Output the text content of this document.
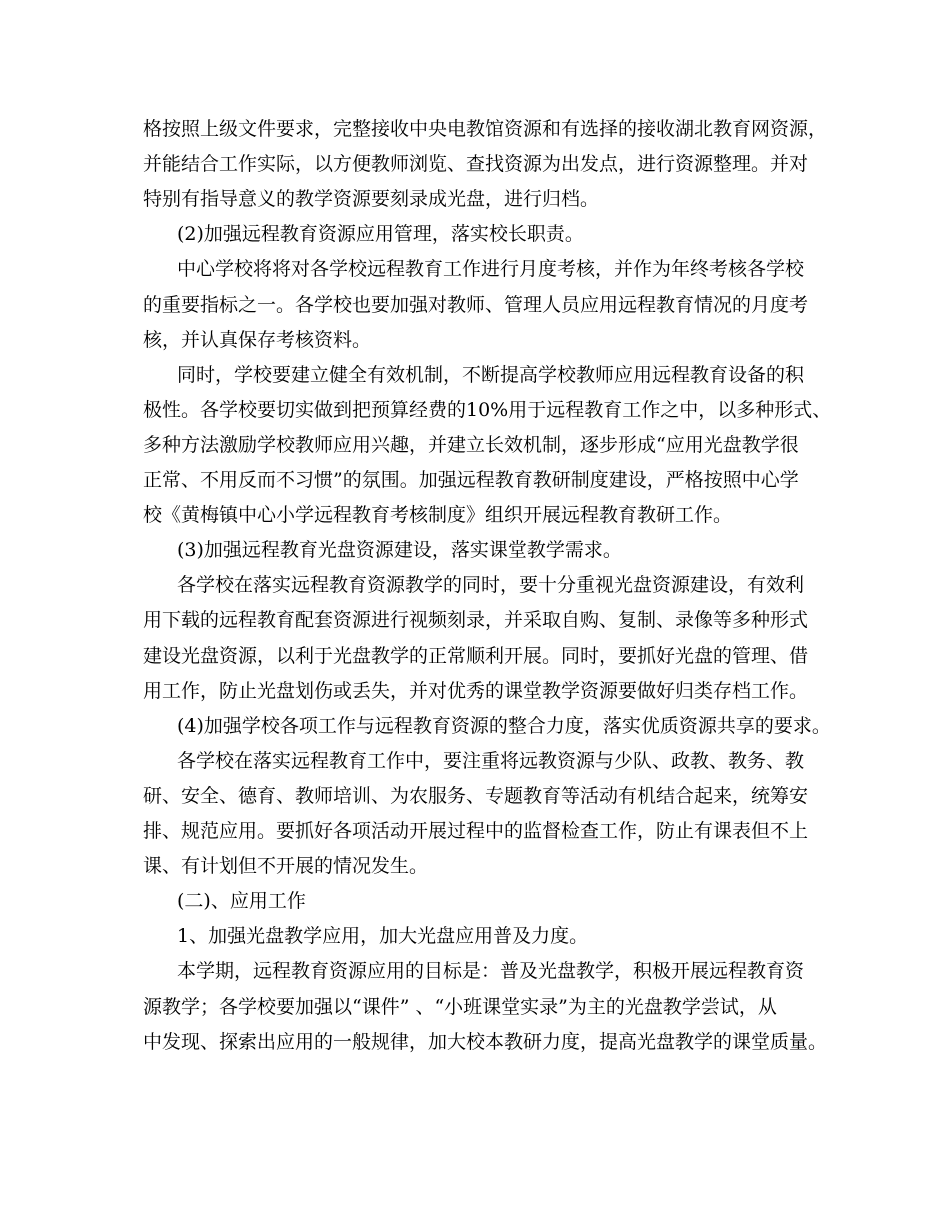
格按照上级文件要求，完整接收中央电教馆资源和有选择的接收湖北教育网资源，
并能结合工作实际，以方便教师浏览、查找资源为出发点，进行资源整理。并对
特别有指导意义的教学资源要刻录成光盘，进行归档。
(2)加强远程教育资源应用管理，落实校长职责。
中心学校将将对各学校远程教育工作进行月度考核，并作为年终考核各学校
的重要指标之一。各学校也要加强对教师、管理人员应用远程教育情况的月度考
核，并认真保存考核资料。
同时，学校要建立健全有效机制，不断提高学校教师应用远程教育设备的积
极性。各学校要切实做到把预算经费的10%用于远程教育工作之中，以多种形式、
多种方法激励学校教师应用兴趣，并建立长效机制，逐步形成“应用光盘教学很
正常、不用反而不习惯”的氛围。加强远程教育教研制度建设，严格按照中心学
校《黄梅镇中心小学远程教育考核制度》组织开展远程教育教研工作。
(3)加强远程教育光盘资源建设，落实课堂教学需求。
各学校在落实远程教育资源教学的同时，要十分重视光盘资源建设，有效利
用下载的远程教育配套资源进行视频刻录，并采取自购、复制、录像等多种形式
建设光盘资源，以利于光盘教学的正常顺利开展。同时，要抓好光盘的管理、借
用工作，防止光盘划伤或丢失，并对优秀的课堂教学资源要做好归类存档工作。
(4)加强学校各项工作与远程教育资源的整合力度，落实优质资源共享的要求。
各学校在落实远程教育工作中，要注重将远教资源与少队、政教、教务、教
研、安全、德育、教师培训、为农服务、专题教育等活动有机结合起来，统筹安
排、规范应用。要抓好各项活动开展过程中的监督检查工作，防止有课表但不上
课、有计划但不开展的情况发生。
(二)、应用工作
1、加强光盘教学应用，加大光盘应用普及力度。
本学期，远程教育资源应用的目标是：普及光盘教学，积极开展远程教育资
源教学；各学校要加强以“课件” 、“小班课堂实录”为主的光盘教学尝试，从
中发现、探索出应用的一般规律，加大校本教研力度，提高光盘教学的课堂质量。
